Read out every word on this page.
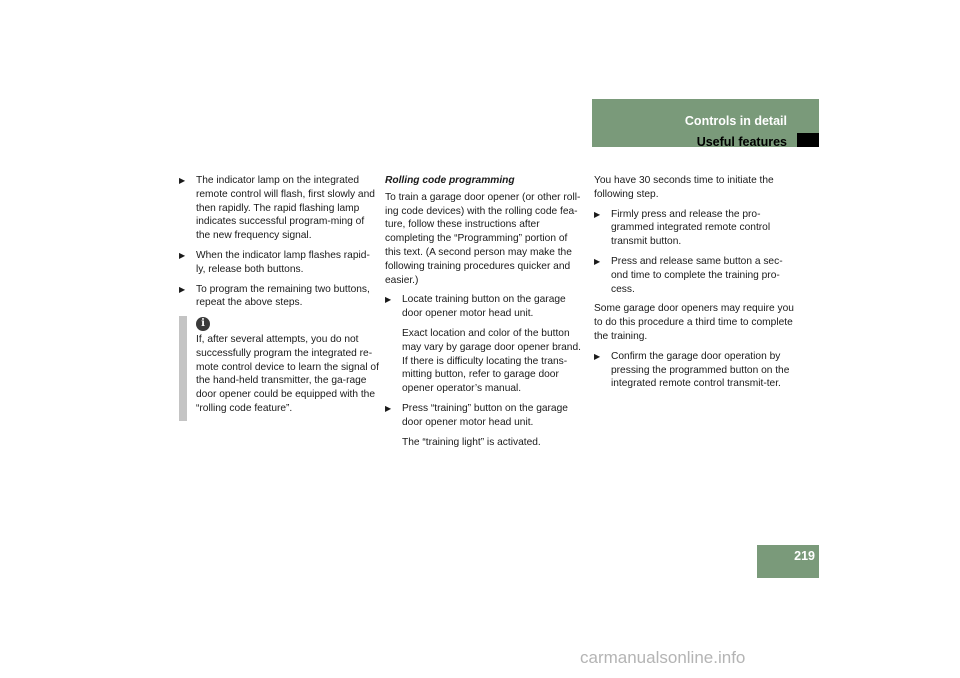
Controls in detail
Useful features
▶ The indicator lamp on the integrated remote control will flash, first slowly and then rapidly. The rapid flashing lamp indicates successful program-ming of the new frequency signal.
▶ When the indicator lamp flashes rapid-ly, release both buttons.
▶ To program the remaining two buttons, repeat the above steps.
i
If, after several attempts, you do not successfully program the integrated re-mote control device to learn the signal of the hand-held transmitter, the ga-rage door opener could be equipped with the “rolling code feature”.
Rolling code programming

To train a garage door opener (or other roll-ing code devices) with the rolling code fea-ture, follow these instructions after completing the “Programming” portion of this text. (A second person may make the following training procedures quicker and easier.)

▶ Locate training button on the garage door opener motor head unit.
Exact location and color of the button may vary by garage door opener brand. If there is difficulty locating the trans-mitting button, refer to garage door opener operator’s manual.
▶ Press “training” button on the garage door opener motor head unit.
The “training light” is activated.

You have 30 seconds time to initiate the following step.

▶ Firmly press and release the pro-grammed integrated remote control transmit button.
▶ Press and release same button a sec-ond time to complete the training pro-cess.

Some garage door openers may require you to do this procedure a third time to complete the training.

▶ Confirm the garage door operation by pressing the programmed button on the integrated remote control transmit-ter.
219
carmanualsonline.info
